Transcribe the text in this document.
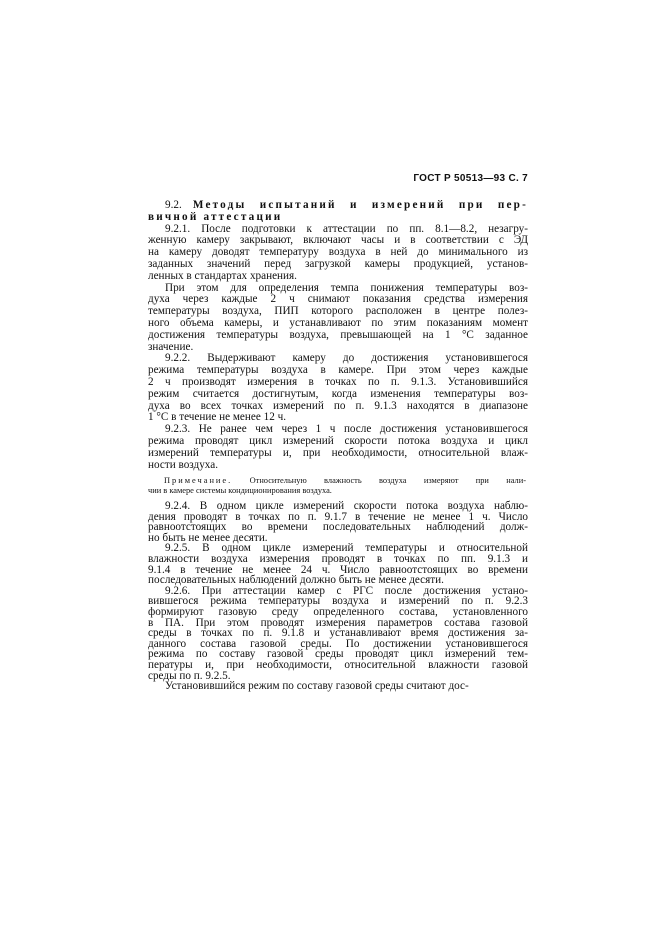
ГОСТ Р 50513—93 С. 7
9.2. Методы испытаний и измерений при пер-
вичной аттестации
9.2.1. После подготовки к аттестации по пп. 8.1—8.2, незагру-
женную камеру закрывают, включают часы и в соответствии с ЭД
на камеру доводят температуру воздуха в ней до минимального из
заданных значений перед загрузкой камеры продукцией, установ-
ленных в стандартах хранения.
При этом для определения темпа понижения температуры воз-
духа через каждые 2 ч снимают показания средства измерения
температуры воздуха, ПИП которого расположен в центре полез-
ного объема камеры, и устанавливают по этим показаниям момент
достижения температуры воздуха, превышающей на 1 °С заданное
значение.
9.2.2. Выдерживают камеру до достижения установившегося
режима температуры воздуха в камере. При этом через каждые
2 ч производят измерения в точках по п. 9.1.3. Установившийся
режим считается достигнутым, когда изменения температуры воз-
духа во всех точках измерений по п. 9.1.3 находятся в диапазоне
1 °С в течение не менее 12 ч.
9.2.3. Не ранее чем через 1 ч после достижения установившегося
режима проводят цикл измерений скорости потока воздуха и цикл
измерений температуры и, при необходимости, относительной влаж-
ности воздуха.
Примечание. Относительную влажность воздуха измеряют при нали-
чии в камере системы кондиционирования воздуха.
9.2.4. В одном цикле измерений скорости потока воздуха наблю-
дения проводят в точках по п. 9.1.7 в течение не менее 1 ч. Число
равноотстоящих во времени последовательных наблюдений долж-
но быть не менее десяти.
9.2.5. В одном цикле измерений температуры и относительной
влажности воздуха измерения проводят в точках по пп. 9.1.3 и
9.1.4 в течение не менее 24 ч. Число равноотстоящих во времени
последовательных наблюдений должно быть не менее десяти.
9.2.6. При аттестации камер с РГС после достижения устано-
вившегося режима температуры воздуха и измерений по п. 9.2.3
формируют газовую среду определенного состава, установленного
в ПА. При этом проводят измерения параметров состава газовой
среды в точках по п. 9.1.8 и устанавливают время достижения за-
данного состава газовой среды. По достижении установившегося
режима по составу газовой среды проводят цикл измерений тем-
пературы и, при необходимости, относительной влажности газовой
среды по п. 9.2.5.
Установившийся режим по составу газовой среды считают дос-
